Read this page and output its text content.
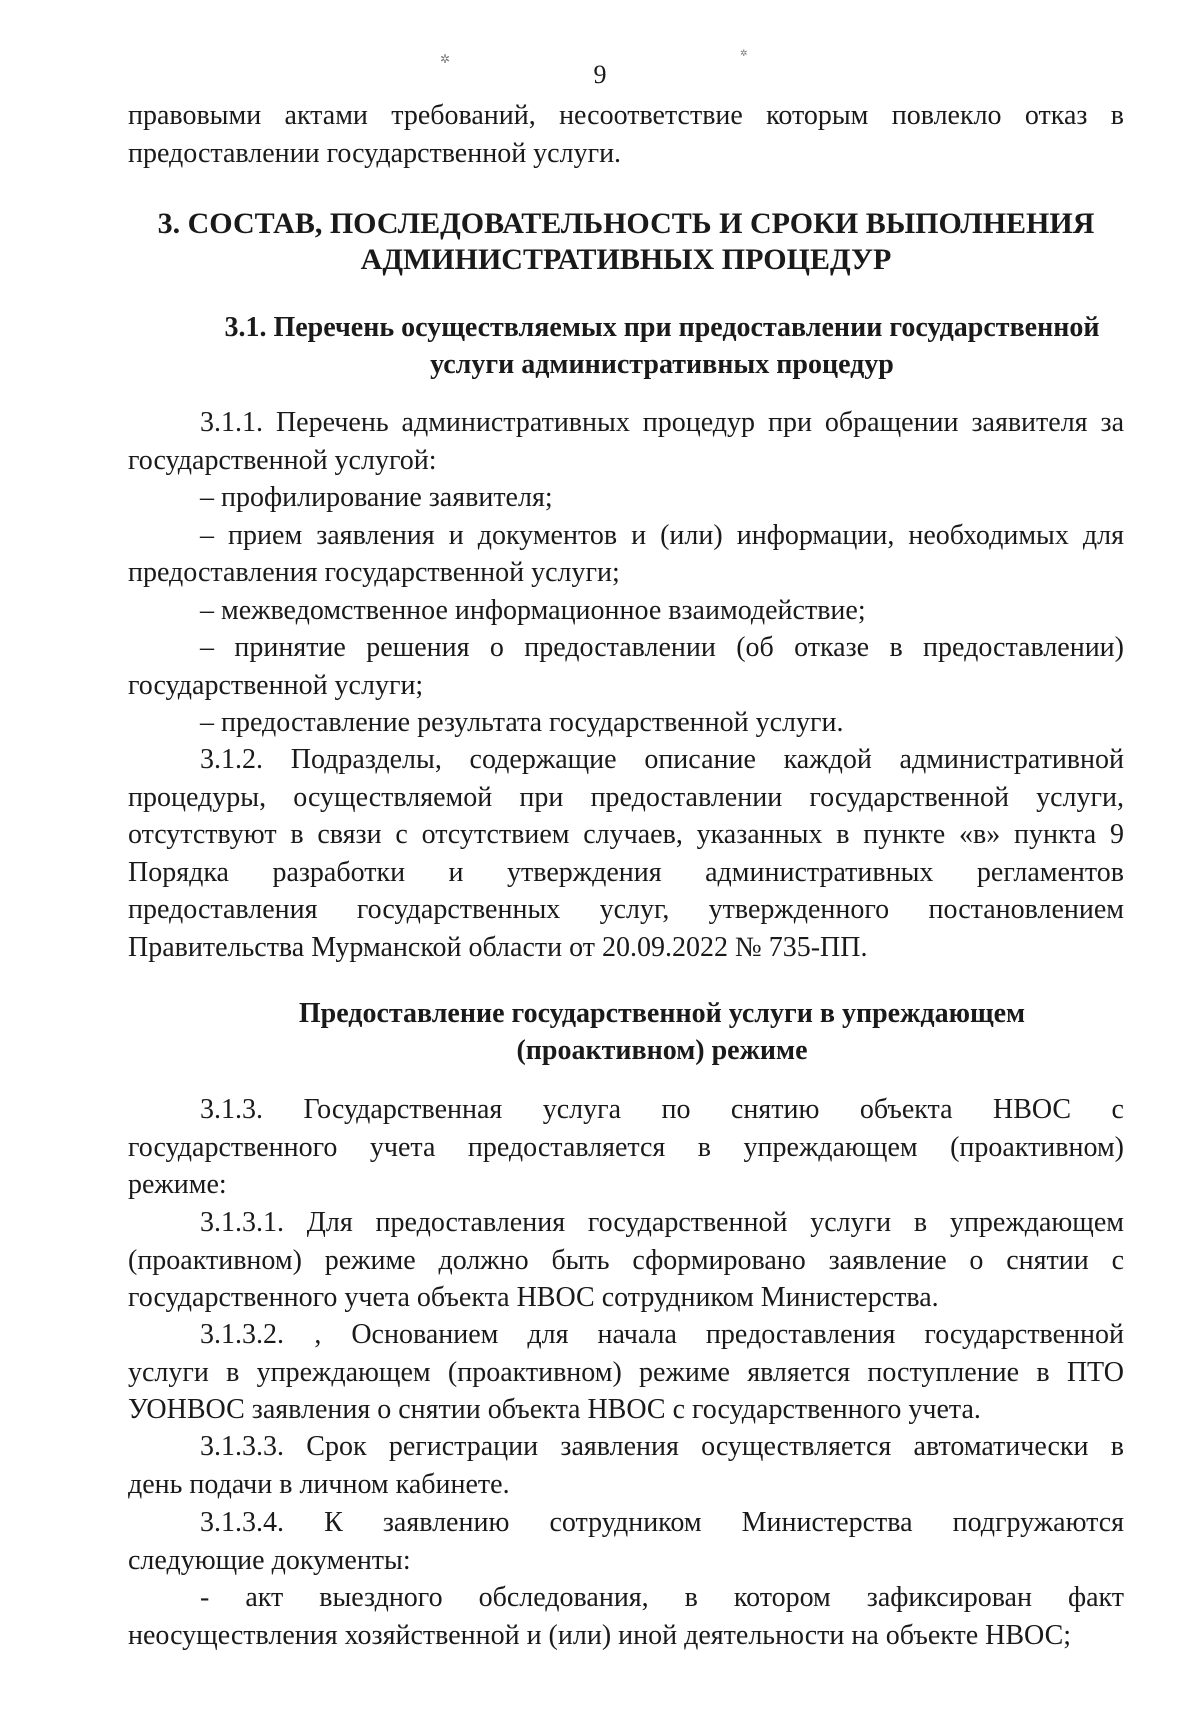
9
✲	✲
правовыми актами требований, несоответствие которым повлекло отказ в
предоставлении государственной услуги.
3. СОСТАВ, ПОСЛЕДОВАТЕЛЬНОСТЬ И СРОКИ ВЫПОЛНЕНИЯ
АДМИНИСТРАТИВНЫХ ПРОЦЕДУР
3.1. Перечень осуществляемых при предоставлении государственной
услуги административных процедур
3.1.1. Перечень административных процедур при обращении заявителя за
государственной услугой:
– профилирование заявителя;
– прием заявления и документов и (или) информации, необходимых для
предоставления государственной услуги;
– межведомственное информационное взаимодействие;
– принятие решения о предоставлении (об отказе в предоставлении)
государственной услуги;
– предоставление результата государственной услуги.
3.1.2. Подразделы, содержащие описание каждой административной
процедуры, осуществляемой при предоставлении государственной услуги,
отсутствуют в связи с отсутствием случаев, указанных в пункте «в» пункта 9
Порядка разработки и утверждения административных регламентов
предоставления государственных услуг, утвержденного постановлением
Правительства Мурманской области от 20.09.2022 № 735-ПП.
Предоставление государственной услуги в упреждающем
(проактивном) режиме
3.1.3. Государственная услуга по снятию объекта НВОС с
государственного учета предоставляется в упреждающем (проактивном)
режиме:
3.1.3.1. Для предоставления государственной услуги в упреждающем
(проактивном) режиме должно быть сформировано заявление о снятии с
государственного учета объекта НВОС сотрудником Министерства.
3.1.3.2. ‚ Основанием для начала предоставления государственной
услуги в упреждающем (проактивном) режиме является поступление в ПТО
УОНВОС заявления о снятии объекта НВОС с государственного учета.
3.1.3.3. Срок регистрации заявления осуществляется автоматически в
день подачи в личном кабинете.
3.1.3.4. К заявлению сотрудником Министерства подгружаются
следующие документы:
- акт выездного обследования, в котором зафиксирован факт
неосуществления хозяйственной и (или) иной деятельности на объекте НВОС;
